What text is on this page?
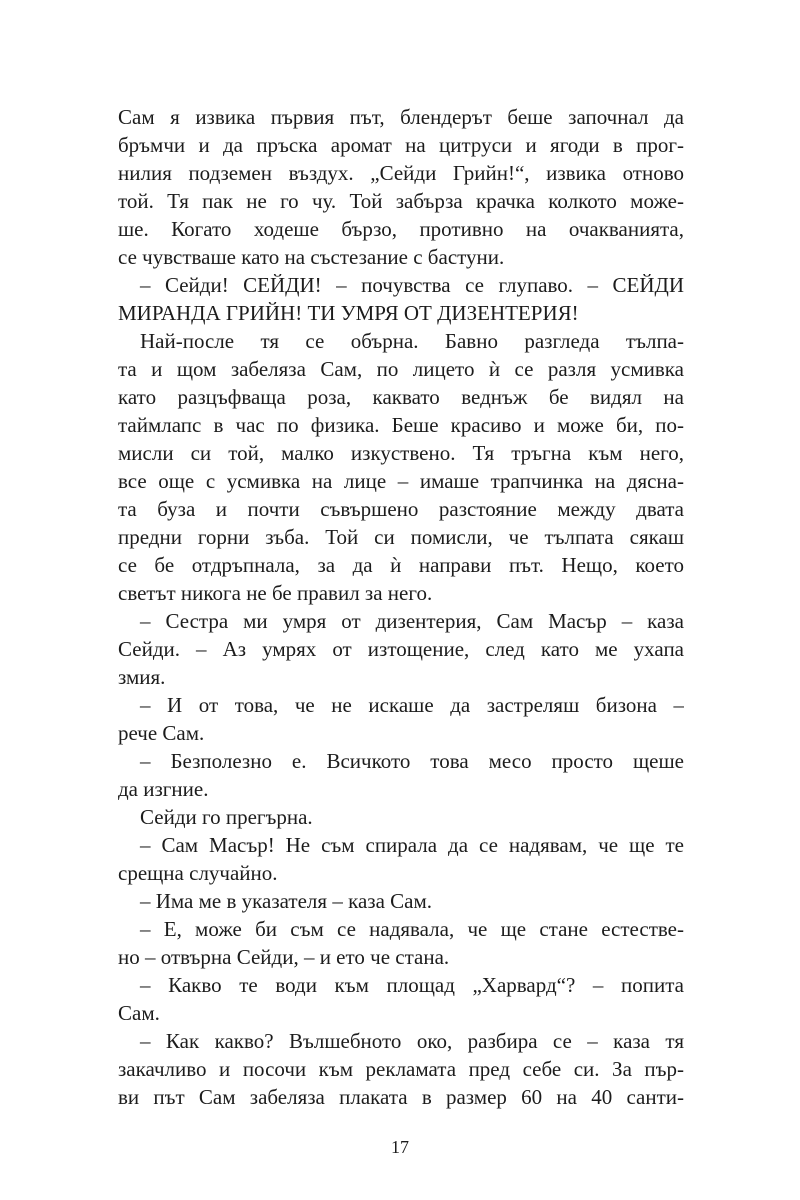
Сам я извика първия път, блендерът беше започнал да
бръмчи и да пръска аромат на цитруси и ягоди в прог-
нилия подземен въздух. „Сейди Грийн!“, извика отново
той. Тя пак не го чу. Той забърза крачка колкото може-
ше. Когато ходеше бързо, противно на очакванията,
се чувстваше като на състезание с бастуни.
– Сейди! СЕЙДИ! – почувства се глупаво. – СЕЙДИ
МИРАНДА ГРИЙН! ТИ УМРЯ ОТ ДИЗЕНТЕРИЯ!
Най-после тя се обърна. Бавно разгледа тълпа-
та и щом забеляза Сам, по лицето ѝ се разля усмивка
като разцъфваща роза, каквато веднъж бе видял на
таймлапс в час по физика. Беше красиво и може би, по-
мисли си той, малко изкуствено. Тя тръгна към него,
все още с усмивка на лице – имаше трапчинка на дясна-
та буза и почти съвършено разстояние между двата
предни горни зъба. Той си помисли, че тълпата сякаш
се бе отдръпнала, за да ѝ направи път. Нещо, което
светът никога не бе правил за него.
– Сестра ми умря от дизентерия, Сам Масър – каза
Сейди. – Аз умрях от изтощение, след като ме ухапа
змия.
– И от това, че не искаше да застреляш бизона –
рече Сам.
– Безполезно е. Всичкото това месо просто щеше
да изгние.
Сейди го прегърна.
– Сам Масър! Не съм спирала да се надявам, че ще те
срещна случайно.
– Има ме в указателя – каза Сам.
– Е, може би съм се надявала, че ще стане естестве-
но – отвърна Сейди, – и ето че стана.
– Какво те води към площад „Харвард“? – попита
Сам.
– Как какво? Вълшебното око, разбира се – каза тя
закачливо и посочи към рекламата пред себе си. За пър-
ви път Сам забеляза плаката в размер 60 на 40 санти-
17
